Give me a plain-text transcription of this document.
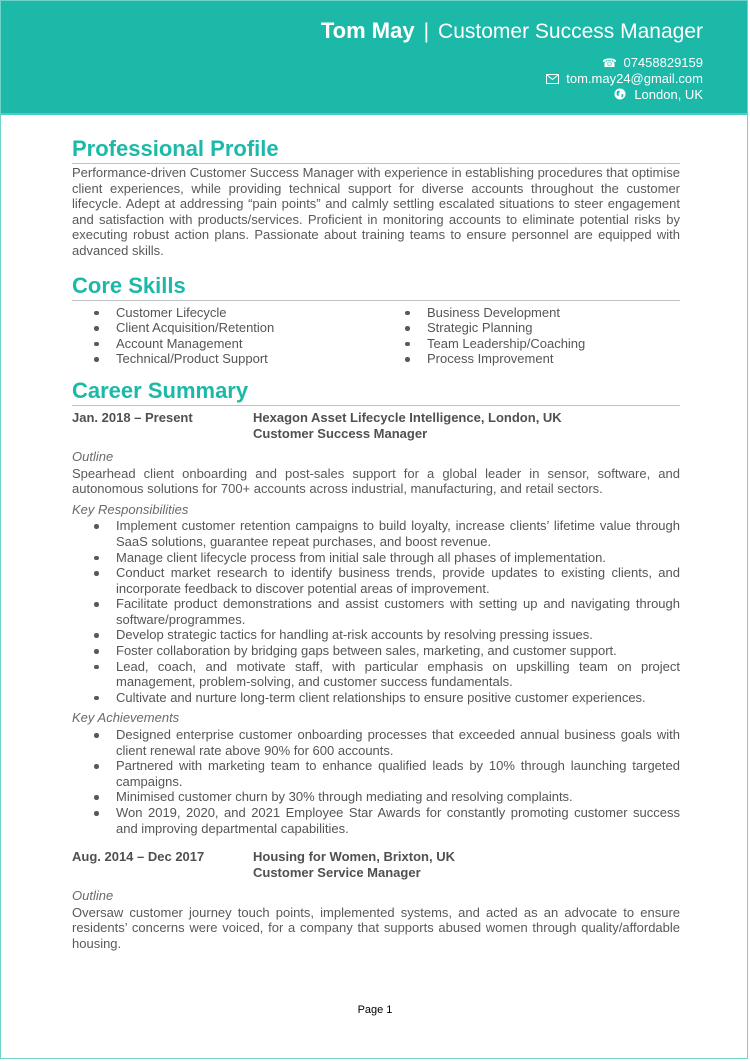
Tom May | Customer Success Manager
☎ 07458829159
tom.may24@gmail.com
London, UK
Professional Profile

Performance-driven Customer Success Manager with experience in establishing procedures that optimise client experiences, while providing technical support for diverse accounts throughout the customer lifecycle. Adept at addressing “pain points” and calmly settling escalated situations to steer engagement and satisfaction with products/services. Proficient in monitoring accounts to eliminate potential risks by executing robust action plans. Passionate about training teams to ensure personnel are equipped with advanced skills.

Core Skills
Customer Lifecycle
Client Acquisition/Retention
Account Management
Technical/Product Support
Business Development
Strategic Planning
Team Leadership/Coaching
Process Improvement
Career Summary
Jan. 2018 – Present	Hexagon Asset Lifecycle Intelligence, London, UK
Customer Success Manager
Outline

Spearhead client onboarding and post-sales support for a global leader in sensor, software, and autonomous solutions for 700+ accounts across industrial, manufacturing, and retail sectors.

Key Responsibilities
Implement customer retention campaigns to build loyalty, increase clients’ lifetime value through SaaS solutions, guarantee repeat purchases, and boost revenue.
Manage client lifecycle process from initial sale through all phases of implementation.
Conduct market research to identify business trends, provide updates to existing clients, and incorporate feedback to discover potential areas of improvement.
Facilitate product demonstrations and assist customers with setting up and navigating through software/programmes.
Develop strategic tactics for handling at-risk accounts by resolving pressing issues.
Foster collaboration by bridging gaps between sales, marketing, and customer support.
Lead, coach, and motivate staff, with particular emphasis on upskilling team on project management, problem-solving, and customer success fundamentals.
Cultivate and nurture long-term client relationships to ensure positive customer experiences.
Key Achievements
Designed enterprise customer onboarding processes that exceeded annual business goals with client renewal rate above 90% for 600 accounts.
Partnered with marketing team to enhance qualified leads by 10% through launching targeted campaigns.
Minimised customer churn by 30% through mediating and resolving complaints.
Won 2019, 2020, and 2021 Employee Star Awards for constantly promoting customer success and improving departmental capabilities.
Aug. 2014 – Dec 2017	Housing for Women, Brixton, UK
Customer Service Manager
Outline

Oversaw customer journey touch points, implemented systems, and acted as an advocate to ensure residents’ concerns were voiced, for a company that supports abused women through quality/affordable housing.

Page 1
